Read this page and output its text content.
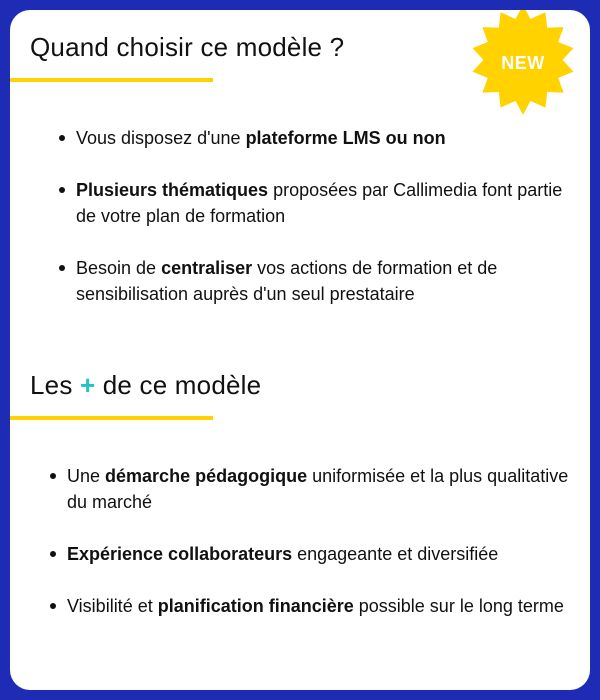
Quand choisir ce modèle ?
NEW
Vous disposez d'une plateforme LMS ou non
Plusieurs thématiques proposées par Callimedia font partie de votre plan de formation
Besoin de centraliser vos actions de formation et de sensibilisation auprès d'un seul prestataire
Les + de ce modèle
Une démarche pédagogique uniformisée et la plus qualitative du marché
Expérience collaborateurs engageante et diversifiée
Visibilité et planification financière possible sur le long terme
